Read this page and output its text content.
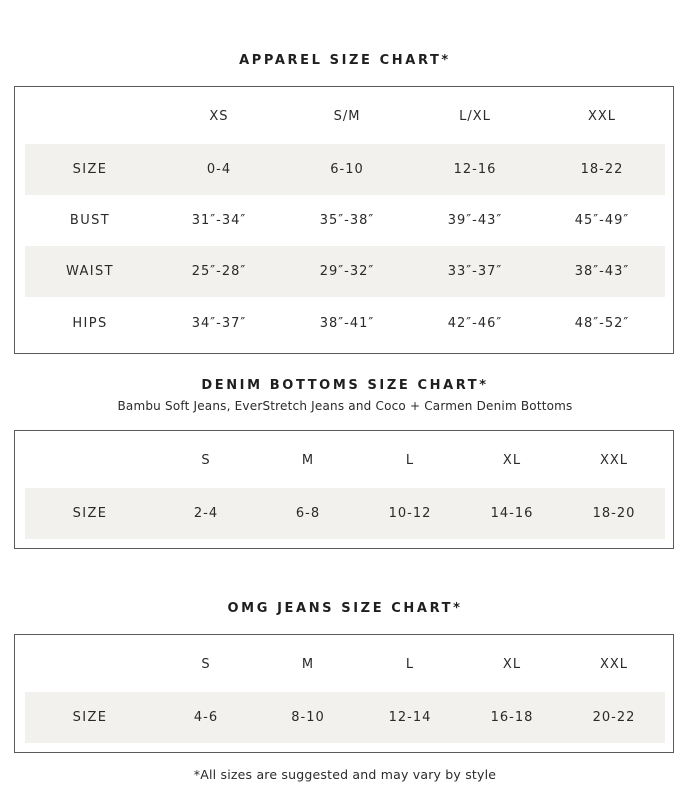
APPAREL SIZE CHART*
XS	S/M	L/XL	XXL
SIZE	0-4	6-10	12-16	18-22
BUST	31″-34″	35″-38″	39″-43″	45″-49″
WAIST	25″-28″	29″-32″	33″-37″	38″-43″
HIPS	34″-37″	38″-41″	42″-46″	48″-52″
DENIM BOTTOMS SIZE CHART*
Bambu Soft Jeans, EverStretch Jeans and Coco + Carmen Denim Bottoms
S	M	L	XL	XXL
SIZE	2-4	6-8	10-12	14-16	18-20
OMG JEANS SIZE CHART*
S	M	L	XL	XXL
SIZE	4-6	8-10	12-14	16-18	20-22
*All sizes are suggested and may vary by style
